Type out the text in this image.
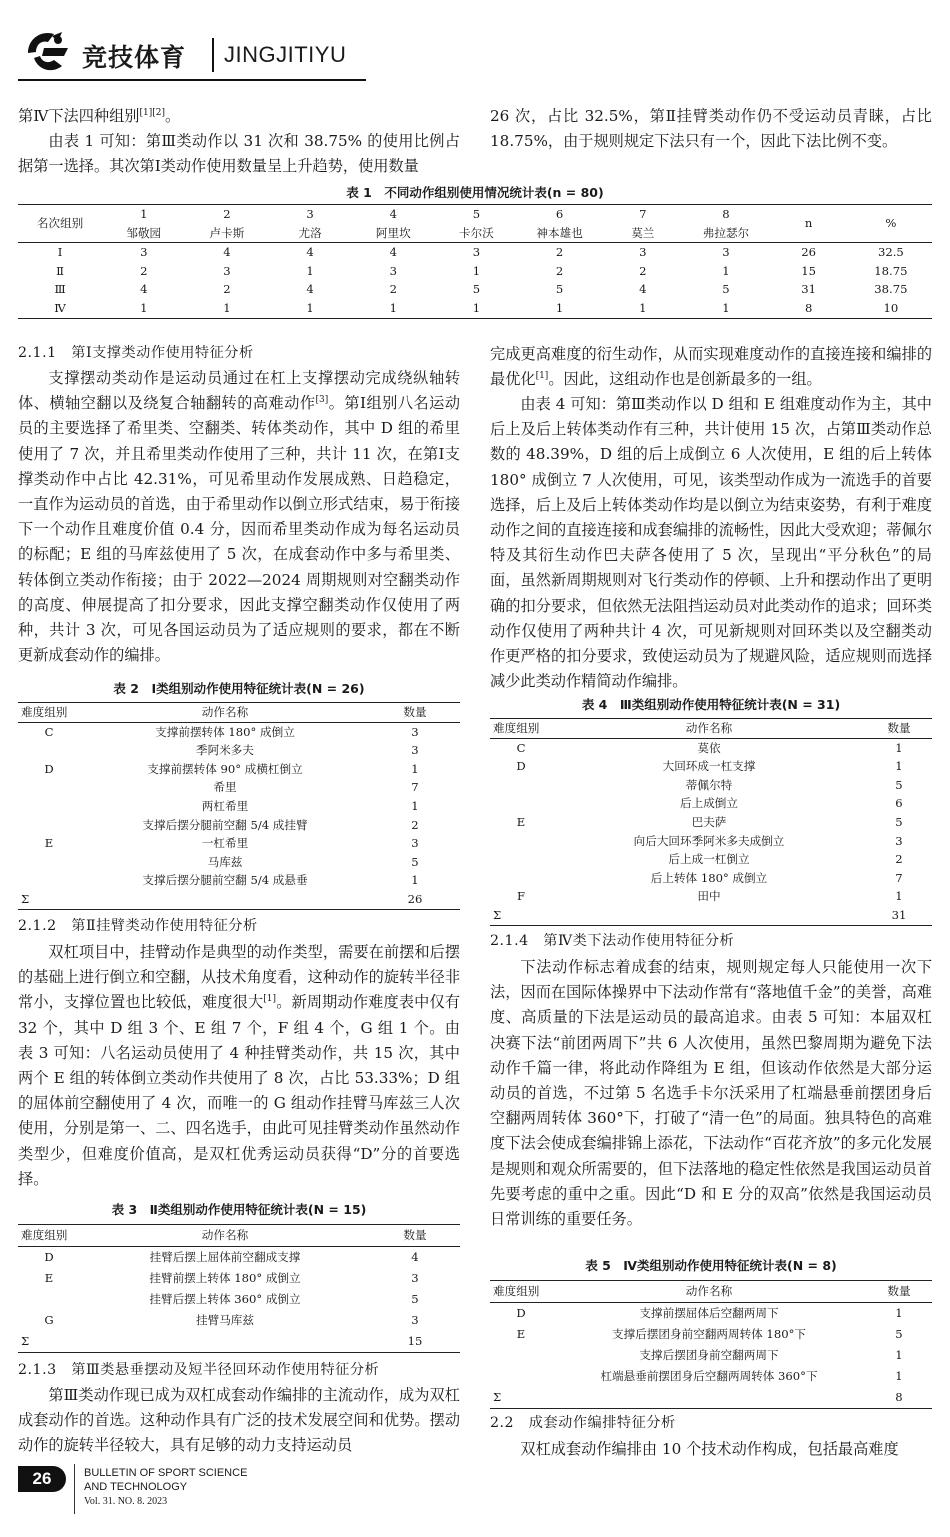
竞技体育 JINGJITIYU
第Ⅳ下法四种组别[1][2]。
由表 1 可知：第Ⅲ类动作以 31 次和 38.75% 的使用比例占据第一选择。其次第Ⅰ类动作使用数量呈上升趋势，使用数量
26 次，占比 32.5%，第Ⅱ挂臂类动作仍不受运动员青睐，占比 18.75%，由于规则规定下法只有一个，因此下法比例不变。
表 1　不同动作组别使用情况统计表(n = 80)
名次组别	1	2	3	4	5	6	7	8	n	%
	邹敬园	卢卡斯	尤洛	阿里坎	卡尔沃	神本雄也	莫兰	弗拉瑟尔		
Ⅰ	3	4	4	4	3	2	3	3	26	32.5
Ⅱ	2	3	1	3	1	2	2	1	15	18.75
Ⅲ	4	2	4	2	5	5	4	5	31	38.75
Ⅳ	1	1	1	1	1	1	1	1	8	10
2.1.1　第Ⅰ支撑类动作使用特征分析
支撑摆动类动作是运动员通过在杠上支撑摆动完成绕纵轴转体、横轴空翻以及绕复合轴翻转的高难动作[3]。第Ⅰ组别八名运动员的主要选择了希里类、空翻类、转体类动作，其中 D 组的希里使用了 7 次，并且希里类动作使用了三种，共计 11 次，在第Ⅰ支撑类动作中占比 42.31%，可见希里动作发展成熟、日趋稳定，一直作为运动员的首选，由于希里动作以倒立形式结束，易于衔接下一个动作且难度价值 0.4 分，因而希里类动作成为每名运动员的标配；E 组的马库兹使用了 5 次，在成套动作中多与希里类、转体倒立类动作衔接；由于 2022—2024 周期规则对空翻类动作的高度、伸展提高了扣分要求，因此支撑空翻类动作仅使用了两种，共计 3 次，可见各国运动员为了适应规则的要求，都在不断更新成套动作的编排。
表 2　Ⅰ类组别动作使用特征统计表(N = 26)
难度组别	动作名称	数量
C	支撑前摆转体 180° 成倒立	3
	季阿米多夫	3
D	支撑前摆转体 90° 成横杠倒立	1
	希里	7
	两杠希里	1
	支撑后摆分腿前空翻 5/4 成挂臂	2
E	一杠希里	3
	马库兹	5
	支撑后摆分腿前空翻 5/4 成悬垂	1
Σ		26
2.1.2　第Ⅱ挂臂类动作使用特征分析
双杠项目中，挂臂动作是典型的动作类型，需要在前摆和后摆的基础上进行倒立和空翻，从技术角度看，这种动作的旋转半径非常小，支撑位置也比较低，难度很大[1]。新周期动作难度表中仅有 32 个，其中 D 组 3 个、E 组 7 个，F 组 4 个，G 组 1 个。由表 3 可知：八名运动员使用了 4 种挂臂类动作，共 15 次，其中两个 E 组的转体倒立类动作共使用了 8 次，占比 53.33%；D 组的屈体前空翻使用了 4 次，而唯一的 G 组动作挂臂马库兹三人次使用，分别是第一、二、四名选手，由此可见挂臂类动作虽然动作类型少，但难度价值高，是双杠优秀运动员获得“D”分的首要选择。
表 3　Ⅱ类组别动作使用特征统计表(N = 15)
难度组别	动作名称	数量
D	挂臂后摆上屈体前空翻成支撑	4
E	挂臂前摆上转体 180° 成倒立	3
	挂臂后摆上转体 360° 成倒立	5
G	挂臂马库兹	3
Σ		15
2.1.3　第Ⅲ类悬垂摆动及短半径回环动作使用特征分析
第Ⅲ类动作现已成为双杠成套动作编排的主流动作，成为双杠成套动作的首选。这种动作具有广泛的技术发展空间和优势。摆动动作的旋转半径较大，具有足够的动力支持运动员
完成更高难度的衍生动作，从而实现难度动作的直接连接和编排的最优化[1]。因此，这组动作也是创新最多的一组。
由表 4 可知：第Ⅲ类动作以 D 组和 E 组难度动作为主，其中后上及后上转体类动作有三种，共计使用 15 次，占第Ⅲ类动作总数的 48.39%，D 组的后上成倒立 6 人次使用，E 组的后上转体 180° 成倒立 7 人次使用，可见，该类型动作成为一流选手的首要选择，后上及后上转体类动作均是以倒立为结束姿势，有利于难度动作之间的直接连接和成套编排的流畅性，因此大受欢迎；蒂佩尔特及其衍生动作巴夫萨各使用了 5 次，呈现出“平分秋色”的局面，虽然新周期规则对飞行类动作的停顿、上升和摆动作出了更明确的扣分要求，但依然无法阻挡运动员对此类动作的追求；回环类动作仅使用了两种共计 4 次，可见新规则对回环类以及空翻类动作更严格的扣分要求，致使运动员为了规避风险，适应规则而选择减少此类动作精简动作编排。
表 4　Ⅲ类组别动作使用特征统计表(N = 31)
难度组别	动作名称	数量
C	莫依	1
D	大回环成一杠支撑	1
	蒂佩尔特	5
	后上成倒立	6
E	巴夫萨	5
	向后大回环季阿米多夫成倒立	3
	后上成一杠倒立	2
	后上转体 180° 成倒立	7
F	田中	1
Σ		31
2.1.4　第Ⅳ类下法动作使用特征分析
下法动作标志着成套的结束，规则规定每人只能使用一次下法，因而在国际体操界中下法动作常有“落地值千金”的美誉，高难度、高质量的下法是运动员的最高追求。由表 5 可知：本届双杠决赛下法“前团两周下”共 6 人次使用，虽然巴黎周期为避免下法动作千篇一律，将此动作降组为 E 组，但该动作依然是大部分运动员的首选，不过第 5 名选手卡尔沃采用了杠端悬垂前摆团身后空翻两周转体 360°下，打破了“清一色”的局面。独具特色的高难度下法会使成套编排锦上添花，下法动作“百花齐放”的多元化发展是规则和观众所需要的，但下法落地的稳定性依然是我国运动员首先要考虑的重中之重。因此“D 和 E 分的双高”依然是我国运动员日常训练的重要任务。
表 5　Ⅳ类组别动作使用特征统计表(N = 8)
难度组别	动作名称	数量
D	支撑前摆屈体后空翻两周下	1
E	支撑后摆团身前空翻两周转体 180°下	5
	支撑后摆团身前空翻两周下	1
	杠端悬垂前摆团身后空翻两周转体 360°下	1
Σ		8
2.2　成套动作编排特征分析
双杠成套动作编排由 10 个技术动作构成，包括最高难度
26	BULLETIN OF SPORT SCIENCE
AND TECHNOLOGY
Vol. 31. NO. 8. 2023
